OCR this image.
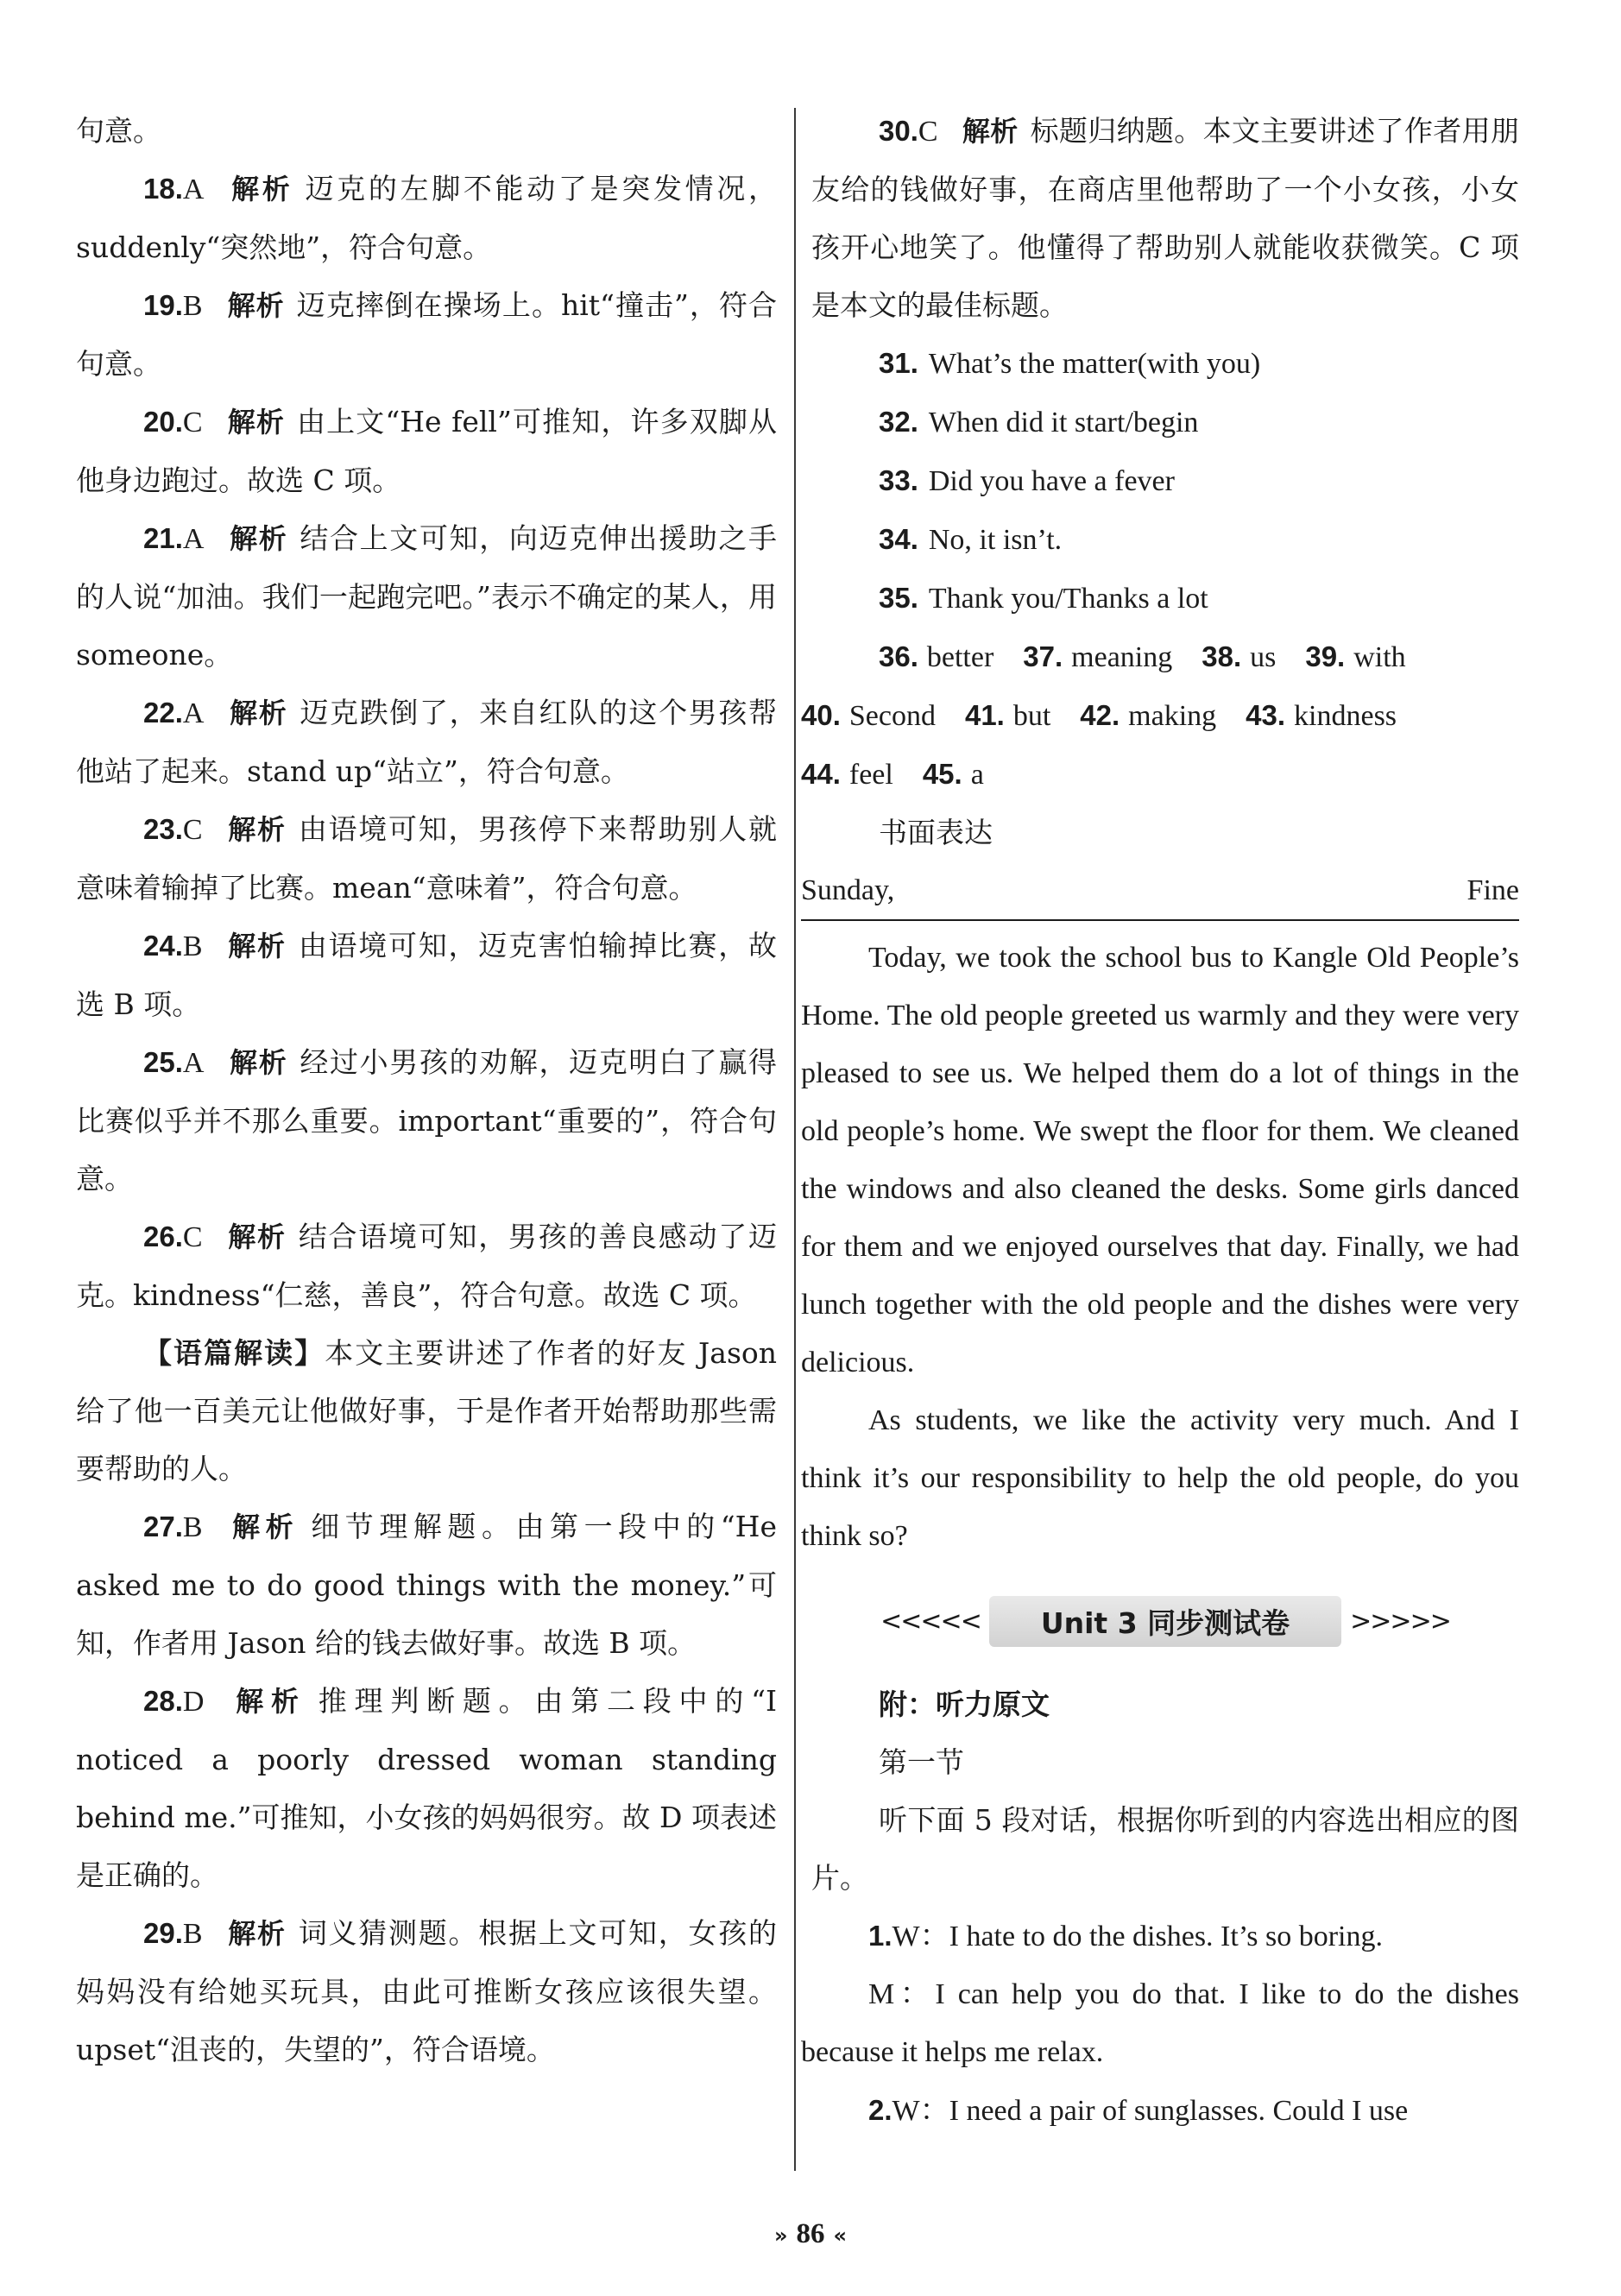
句意。

18.A 解析 迈克的左脚不能动了是突发情况，suddenly“突然地”，符合句意。

19.B 解析 迈克摔倒在操场上。hit“撞击”，符合句意。

20.C 解析 由上文“He fell”可推知，许多双脚从他身边跑过。故选 C 项。

21.A 解析 结合上文可知，向迈克伸出援助之手的人说“加油。我们一起跑完吧。”表示不确定的某人，用 someone。

22.A 解析 迈克跌倒了，来自红队的这个男孩帮他站了起来。stand up“站立”，符合句意。

23.C 解析 由语境可知，男孩停下来帮助别人就意味着输掉了比赛。mean“意味着”，符合句意。

24.B 解析 由语境可知，迈克害怕输掉比赛，故选 B 项。

25.A 解析 经过小男孩的劝解，迈克明白了赢得比赛似乎并不那么重要。important“重要的”，符合句意。

26.C 解析 结合语境可知，男孩的善良感动了迈克。kindness“仁慈，善良”，符合句意。故选 C 项。

【语篇解读】本文主要讲述了作者的好友 Jason 给了他一百美元让他做好事，于是作者开始帮助那些需要帮助的人。

27.B 解析 细节理解题。由第一段中的“He asked me to do good things with the money.”可知，作者用 Jason 给的钱去做好事。故选 B 项。

28.D 解析 推理判断题。由第二段中的“I noticed a poorly dressed woman standing behind me.”可推知，小女孩的妈妈很穷。故 D 项表述是正确的。

29.B 解析 词义猜测题。根据上文可知，女孩的妈妈没有给她买玩具，由此可推断女孩应该很失望。upset“沮丧的，失望的”，符合语境。

30.C 解析 标题归纳题。本文主要讲述了作者用朋友给的钱做好事，在商店里他帮助了一个小女孩，小女孩开心地笑了。他懂得了帮助别人就能收获微笑。C 项是本文的最佳标题。

31. What’s the matter(with you)

32. When did it start/begin

33. Did you have a fever

34. No, it isn’t.

35. Thank you/Thanks a lot

36. better 37. meaning 38. us 39. with
40. Second 41. but 42. making 43. kindness
44. feel 45. a

书面表达

Sunday,	Fine

Today, we took the school bus to Kangle Old People’s Home. The old people greeted us warmly and they were very pleased to see us. We helped them do a lot of things in the old people’s home. We swept the floor for them. We cleaned the windows and also cleaned the desks. Some girls danced for them and we enjoyed ourselves that day. Finally, we had lunch together with the old people and the dishes were very delicious.

As students, we like the activity very much. And I think it’s our responsibility to help the old people, do you think so?

<<<<<	Unit 3 同步测试卷	>>>>>

附：听力原文

第一节

听下面 5 段对话，根据你听到的内容选出相应的图片。

1.W：I hate to do the dishes. It’s so boring.

M：I can help you do that. I like to do the dishes because it helps me relax.

2.W：I need a pair of sunglasses. Could I use

» 86 «
